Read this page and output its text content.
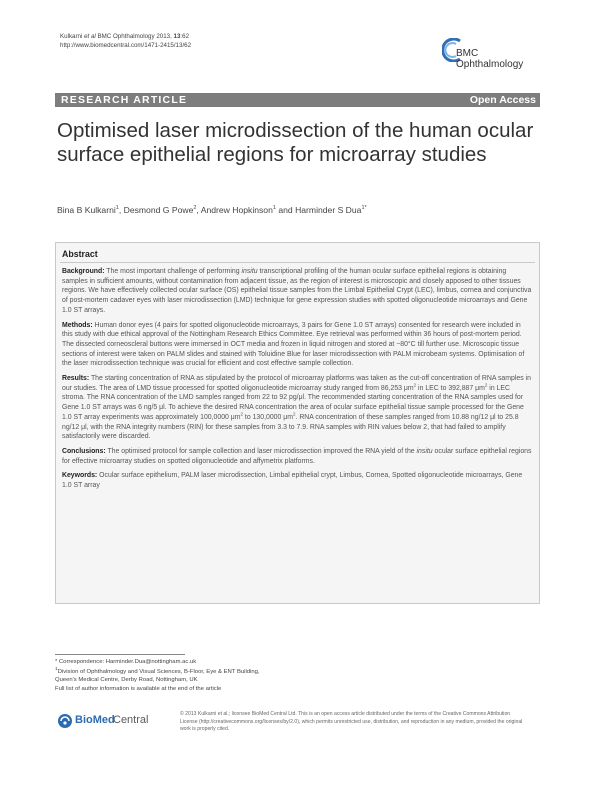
Kulkarni et al BMC Ophthalmology 2013, 13:62
http://www.biomedcentral.com/1471-2415/13/62
BMC
Ophthalmology
RESEARCH ARTICLE	Open Access
Optimised laser microdissection of the human ocular surface epithelial regions for microarray studies
Bina B Kulkarni$^1$, Desmond G Powe$^2$, Andrew Hopkinson$^1$ and Harminder S Dua$^{1*}$
Abstract

Background: The most important challenge of performing insitu transcriptional profiling of the human ocular surface epithelial regions is obtaining samples in sufficient amounts, without contamination from adjacent tissue, as the region of interest is microscopic and closely apposed to other tissues regions. We have effectively collected ocular surface (OS) epithelial tissue samples from the Limbal Epithelial Crypt (LEC), limbus, cornea and conjunctiva of post-mortem cadaver eyes with laser microdissection (LMD) technique for gene expression studies with spotted oligonucleotide microarrays and Gene 1.0 ST arrays.

Methods: Human donor eyes (4 pairs for spotted oligonucleotide microarrays, 3 pairs for Gene 1.0 ST arrays) consented for research were included in this study with due ethical approval of the Nottingham Research Ethics Committee. Eye retrieval was performed within 36 hours of post-mortem period. The dissected corneoscleral buttons were immersed in OCT media and frozen in liquid nitrogen and stored at −80°C till further use. Microscopic tissue sections of interest were taken on PALM slides and stained with Toluidine Blue for laser microdissection with PALM microbeam systems. Optimisation of the laser microdissection technique was crucial for efficient and cost effective sample collection.

Results: The starting concentration of RNA as stipulated by the protocol of microarray platforms was taken as the cut-off concentration of RNA samples in our studies. The area of LMD tissue processed for spotted oligonucleotide microarray study ranged from 86,253 $\mu m^2$ in LEC to 392,887 $\mu m^2$ in LEC stroma. The RNA concentration of the LMD samples ranged from 22 to 92 pg/μl. The recommended starting concentration of the RNA samples used for Gene 1.0 ST arrays was 6 ng/5 μl. To achieve the desired RNA concentration the area of ocular surface epithelial tissue sample processed for the Gene 1.0 ST array experiments was approximately 100,0000 $\mu m^2$ to 130,0000 $\mu m^2$. RNA concentration of these samples ranged from 10.88 ng/12 μl to 25.8 ng/12 μl, with the RNA integrity numbers (RIN) for these samples from 3.3 to 7.9. RNA samples with RIN values below 2, that had failed to amplify satisfactorily were discarded.

Conclusions: The optimised protocol for sample collection and laser microdissection improved the RNA yield of the insitu ocular surface epithelial regions for effective microarray studies on spotted oligonucleotide and affymetrix platforms.

Keywords: Ocular surface epithelium, PALM laser microdissection, Limbal epithelial crypt, Limbus, Cornea, Spotted oligonucleotide microarrays, Gene 1.0 ST array

* Correspondence: Harminder.Dua@nottingham.ac.uk
$^1$Division of Ophthalmology and Visual Sciences, B-Floor, Eye & ENT Building,
Queen's Medical Centre, Derby Road, Nottingham, UK
Full list of author information is available at the end of the article
BioMed
Central	© 2013 Kulkarni et al.; licensee BioMed Central Ltd. This is an open access article distributed under the terms of the Creative Commons Attribution License (http://creativecommons.org/licenses/by/2.0), which permits unrestricted use, distribution, and reproduction in any medium, provided the original work is properly cited.
